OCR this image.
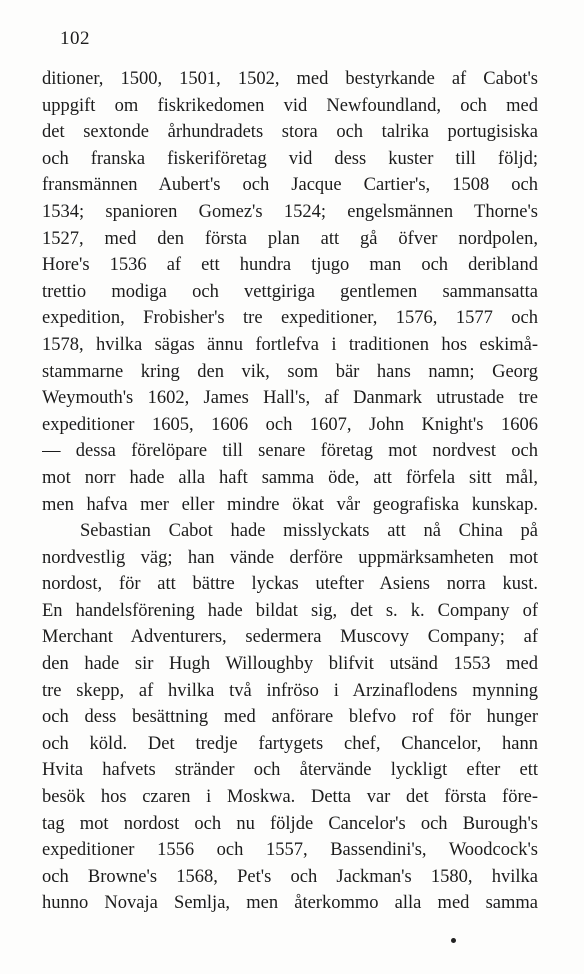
102
ditioner, 1500, 1501, 1502, med bestyrkande af Cabot's
uppgift om fiskrikedomen vid Newfoundland, och med
det sextonde århundradets stora och talrika portugisiska
och franska fiskeriföretag vid dess kuster till följd;
fransmännen Aubert's och Jacque Cartier's, 1508 och
1534; spanioren Gomez's 1524; engelsmännen Thorne's
1527, med den första plan att gå öfver nordpolen,
Hore's 1536 af ett hundra tjugo man och deribland
trettio modiga och vettgiriga gentlemen sammansatta
expedition, Frobisher's tre expeditioner, 1576, 1577 och
1578, hvilka sägas ännu fortlefva i traditionen hos eskimå-
stammarne kring den vik, som bär hans namn; Georg
Weymouth's 1602, James Hall's, af Danmark utrustade tre
expeditioner 1605, 1606 och 1607, John Knight's 1606
— dessa förelöpare till senare företag mot nordvest och
mot norr hade alla haft samma öde, att förfela sitt mål,
men hafva mer eller mindre ökat vår geografiska kunskap.
Sebastian Cabot hade misslyckats att nå China på
nordvestlig väg; han vände derföre uppmärksamheten mot
nordost, för att bättre lyckas utefter Asiens norra kust.
En handelsförening hade bildat sig, det s. k. Company of
Merchant Adventurers, sedermera Muscovy Company; af
den hade sir Hugh Willoughby blifvit utsänd 1553 med
tre skepp, af hvilka två infröso i Arzinaflodens mynning
och dess besättning med anförare blefvo rof för hunger
och köld. Det tredje fartygets chef, Chancelor, hann
Hvita hafvets stränder och återvände lyckligt efter ett
besök hos czaren i Moskwa. Detta var det första före-
tag mot nordost och nu följde Cancelor's och Burough's
expeditioner 1556 och 1557, Bassendini's, Woodcock's
och Browne's 1568, Pet's och Jackman's 1580, hvilka
hunno Novaja Semlja, men återkommo alla med samma
